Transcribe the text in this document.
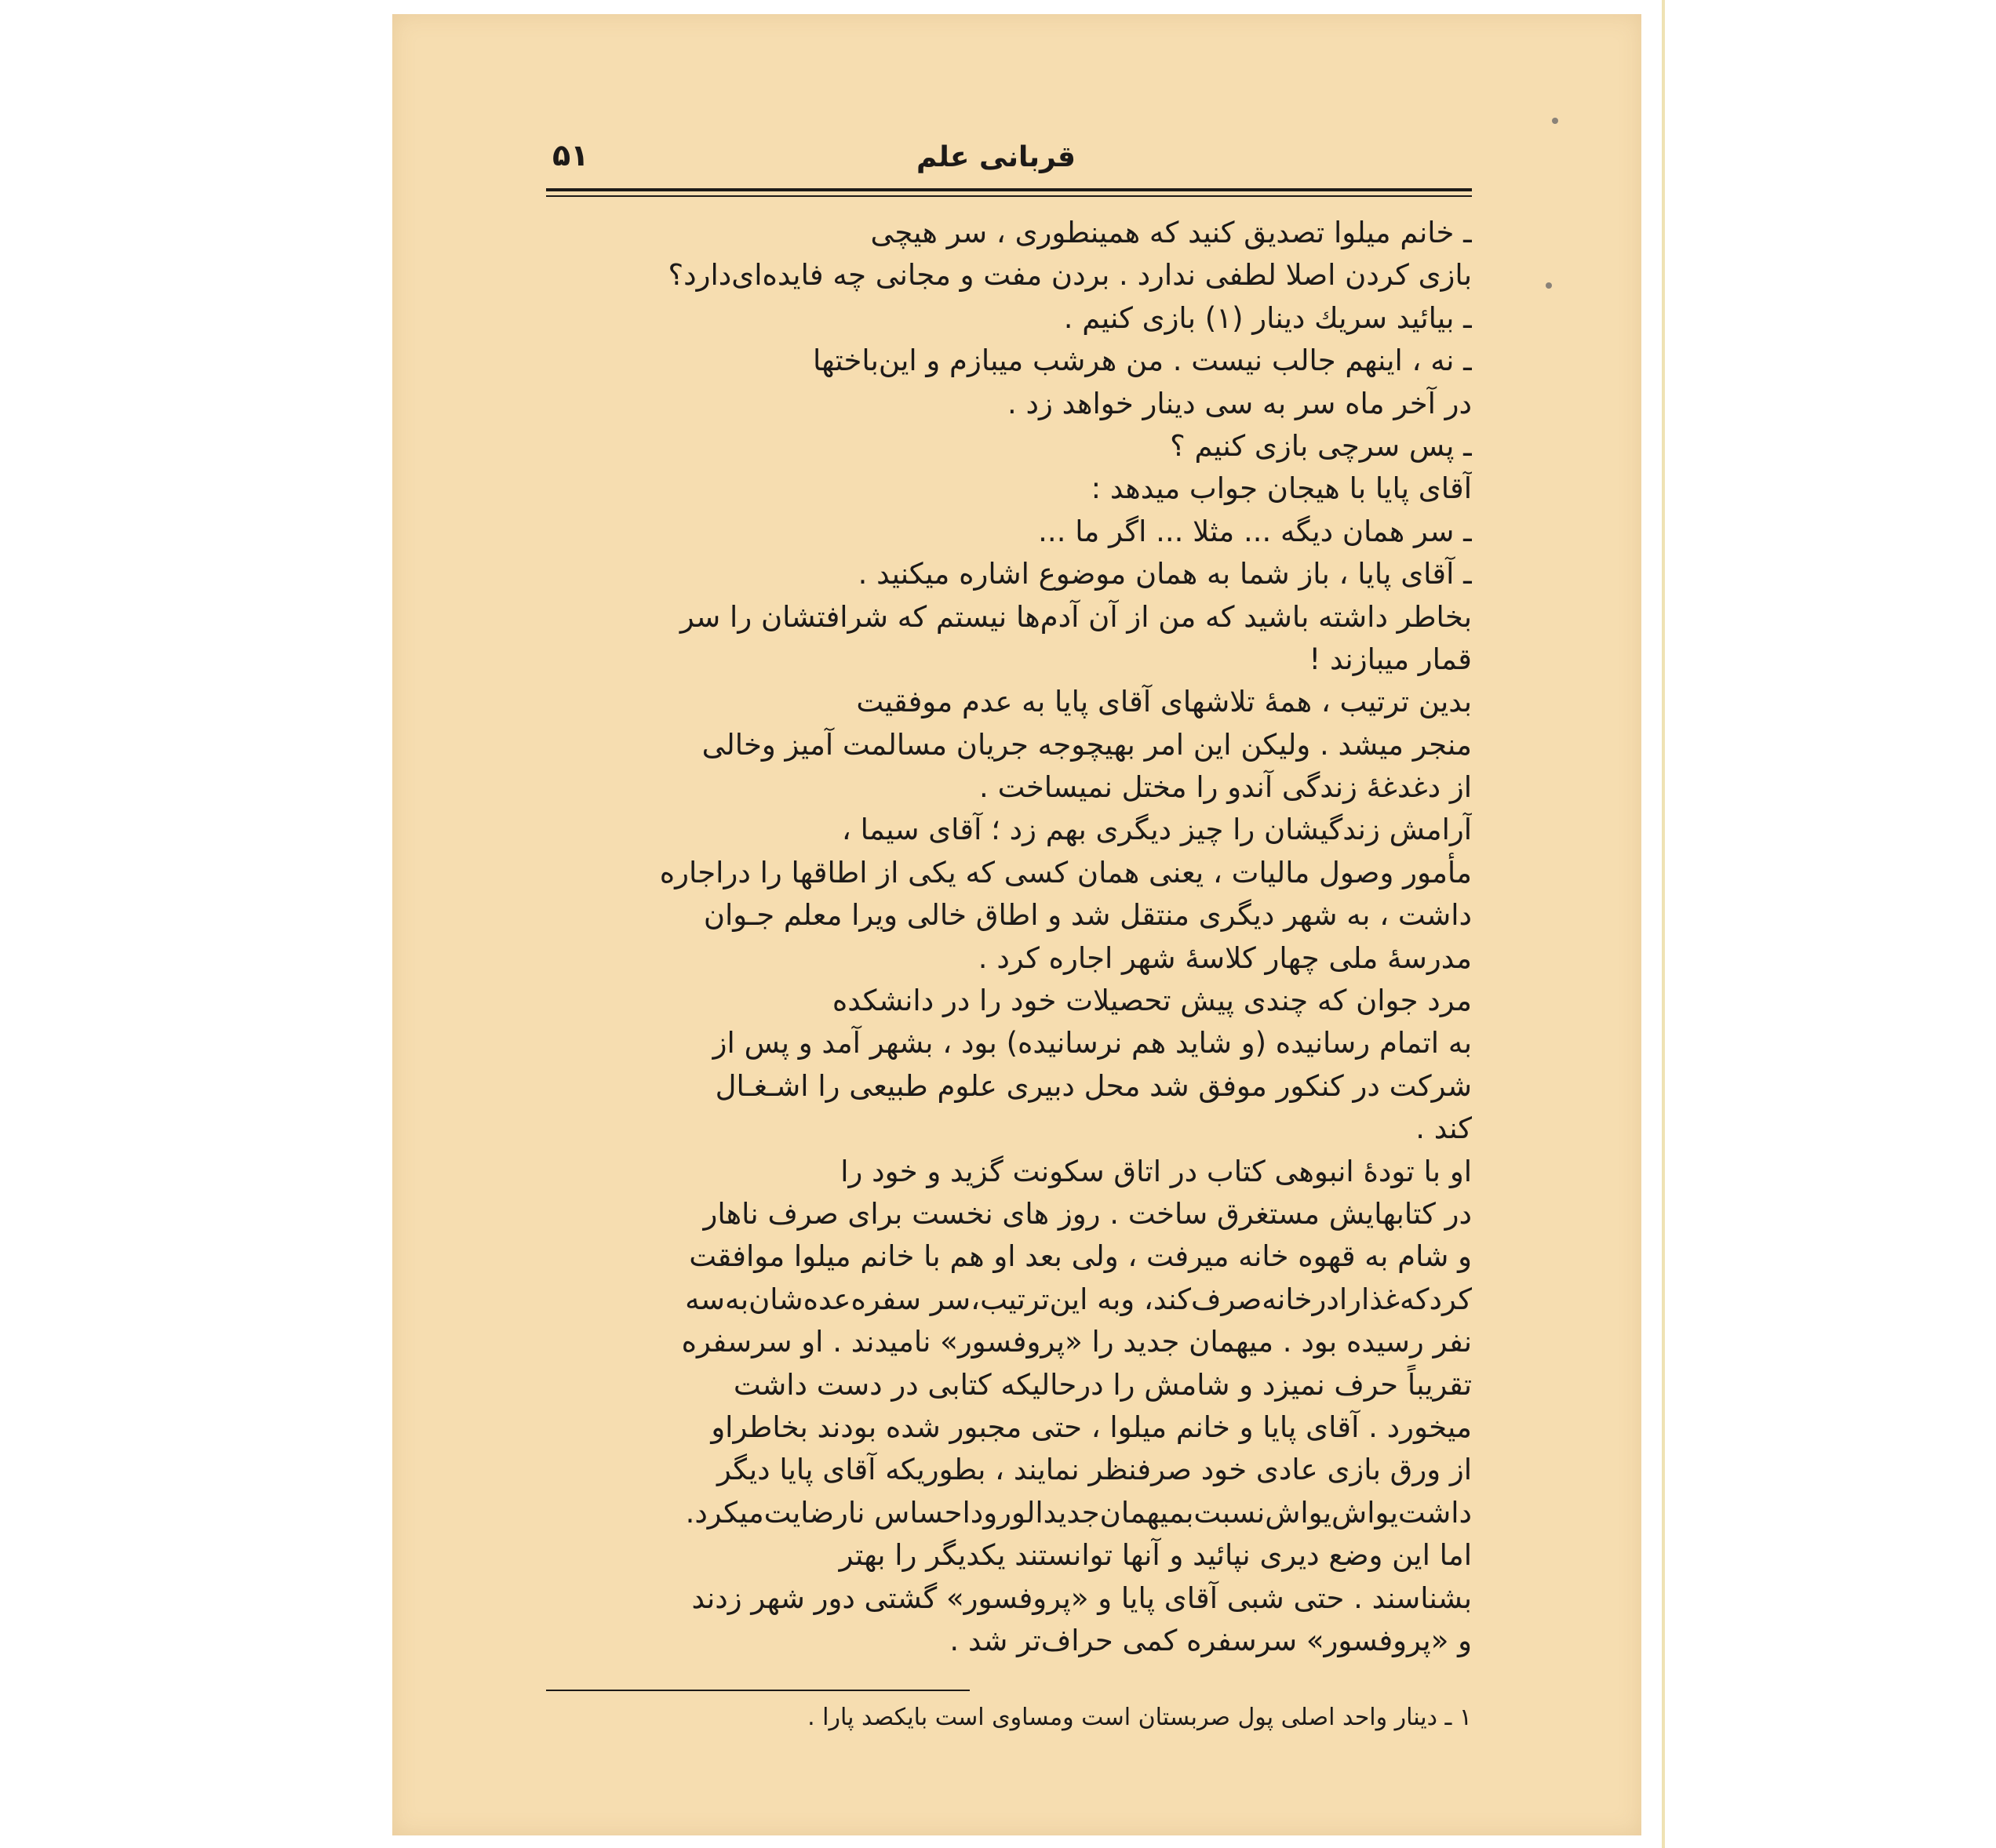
قربانی علم
۵۱
ـ خانم میلوا تصدیق کنید که همینطوری ، سر هیچی
بازی کردن اصلا لطفی ندارد . بردن مفت و مجانی چه فایده‌ای‌دارد؟
ـ بیائید سریك دینار (۱) بازی کنیم .
ـ نه ، اینهم جالب نیست . من هرشب میبازم و این‌باختها
در آخر ماه سر به سی دینار خواهد زد .
ـ پس سرچی بازی کنیم ؟
آقای پایا با هیجان جواب میدهد :
ـ سر همان دیگه ... مثلا ... اگر ما ...
ـ آقای پایا ، باز شما به همان موضوع اشاره میکنید .
بخاطر داشته باشید که من از آن آدم‌ها نیستم که شرافتشان را سر
قمار میبازند !
بدین ترتیب ، همهٔ تلاشهای آقای پایا به عدم موفقیت
منجر میشد . ولیکن این امر بهیچوجه جریان مسالمت آمیز وخالی
از دغدغهٔ زندگی آندو را مختل نمیساخت .
آرامش زندگیشان را چیز دیگری بهم زد ؛ آقای سیما ،
مأمور وصول مالیات ، یعنی همان کسی که یکی از اطاقها را دراجاره
داشت ، به شهر دیگری منتقل شد و اطاق خالی ویرا معلم جـوان
مدرسهٔ ملی چهار کلاسهٔ شهر اجاره کرد .
مرد جوان که چندی پیش تحصیلات خود را در دانشکده
به اتمام رسانیده (و شاید هم نرسانیده) بود ، بشهر آمد و پس از
شرکت در کنکور موفق شد محل دبیری علوم طبیعی را اشـغـال
کند .
او با تودهٔ انبوهی کتاب در اتاق سکونت گزید و خود را
در کتابهایش مستغرق ساخت . روز های نخست برای صرف ناهار
و شام به قهوه خانه میرفت ، ولی بعد او هم با خانم میلوا موافقت
کردکه‌غذارادرخانه‌صرف‌کند، وبه این‌ترتیب،سر سفره‌عده‌شان‌به‌سه
نفر رسیده بود . میهمان جدید را «پروفسور» نامیدند . او سرسفره
تقریباً حرف نمیزد و شامش را درحالیکه کتابی در دست داشت
میخورد . آقای پایا و خانم میلوا ، حتی مجبور شده بودند بخاطراو
از ورق بازی عادی خود صرفنظر نمایند ، بطوریکه آقای پایا دیگر
داشت‌یواش‌یواش‌نسبت‌بمیهمان‌جدیدالورود‌احساس نارضایت‌میکرد.
اما این وضع دیری نپائید و آنها توانستند یکدیگر را بهتر
بشناسند . حتی شبی آقای پایا و «پروفسور» گشتی دور شهر زدند
و «پروفسور» سرسفره کمی حراف‌تر شد .
۱ ـ دینار واحد اصلی پول صربستان است ومساوی است بایکصد پارا .
